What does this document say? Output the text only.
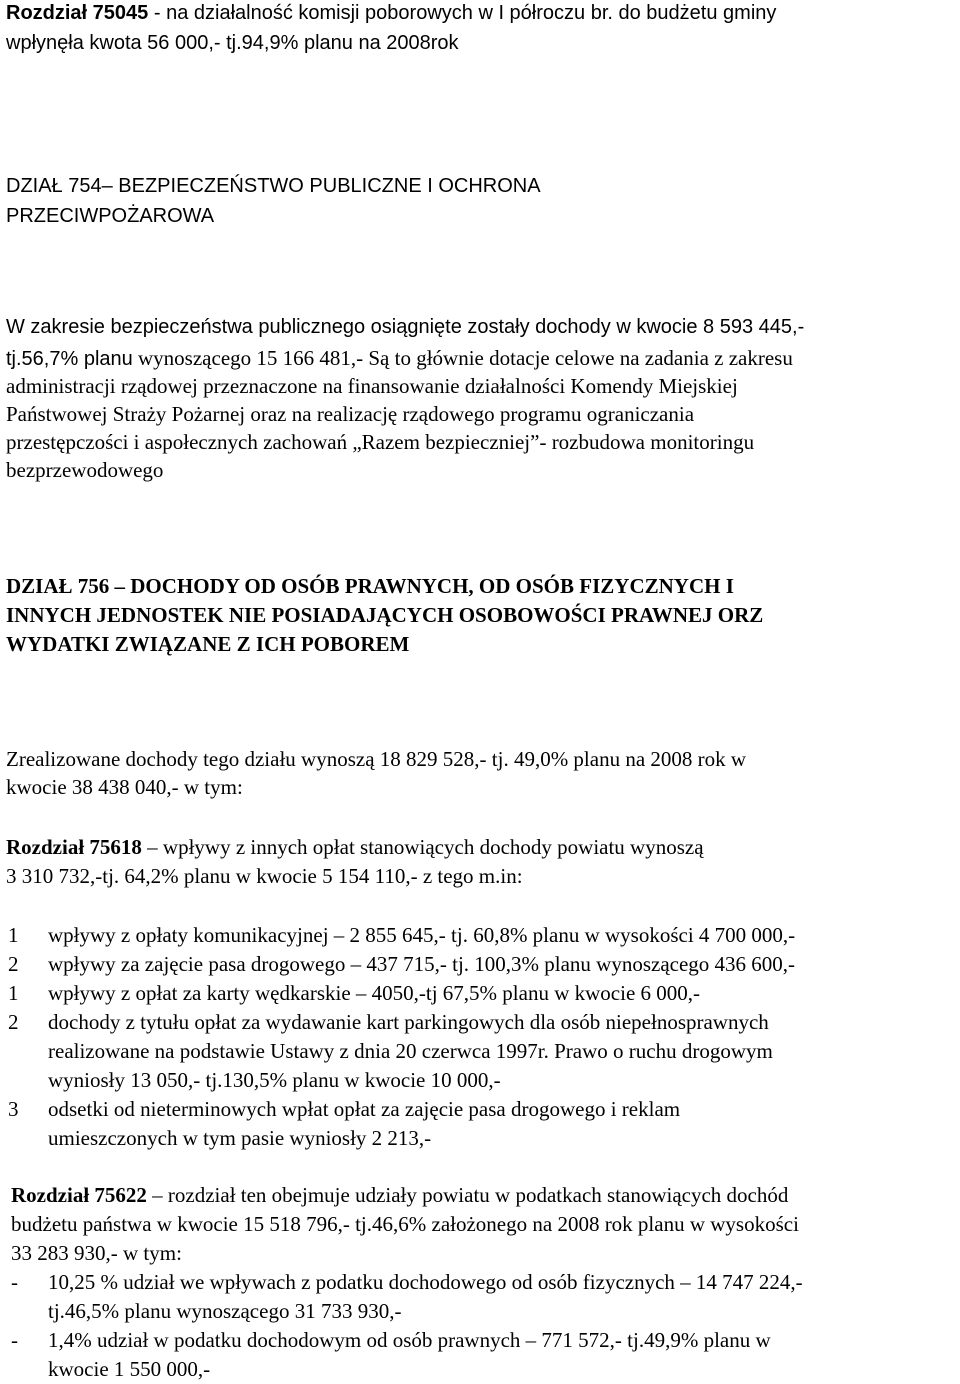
Rozdział 75045 - na działalność komisji poborowych w I półroczu br. do budżetu gminy
wpłynęła kwota 56 000,- tj.94,9% planu na 2008rok
DZIAŁ 754– BEZPIECZEŃSTWO PUBLICZNE I OCHRONA
PRZECIWPOŻAROWA
W zakresie bezpieczeństwa publicznego osiągnięte zostały dochody w kwocie 8 593 445,-
tj.56,7% planu wynoszącego 15 166 481,- Są to głównie dotacje celowe na zadania z zakresu
administracji rządowej przeznaczone na finansowanie działalności Komendy Miejskiej
Państwowej Straży Pożarnej oraz na realizację rządowego programu ograniczania
przestępczości i aspołecznych zachowań „Razem bezpieczniej”- rozbudowa monitoringu
bezprzewodowego
DZIAŁ 756 – DOCHODY OD OSÓB PRAWNYCH, OD OSÓB FIZYCZNYCH I
INNYCH JEDNOSTEK NIE POSIADAJĄCYCH OSOBOWOŚCI PRAWNEJ ORZ
WYDATKI ZWIĄZANE Z ICH POBOREM
Zrealizowane dochody tego działu wynoszą 18 829 528,- tj. 49,0% planu na 2008 rok w
kwocie 38 438 040,- w tym:
Rozdział 75618 – wpływy z innych opłat stanowiących dochody powiatu wynoszą
3 310 732,-tj. 64,2% planu w kwocie 5 154 110,- z tego m.in:
1 wpływy z opłaty komunikacyjnej – 2 855 645,- tj. 60,8% planu w wysokości 4 700 000,-
2 wpływy za zajęcie pasa drogowego – 437 715,- tj. 100,3% planu wynoszącego 436 600,-
1 wpływy z opłat za karty wędkarskie – 4050,-tj 67,5% planu w kwocie 6 000,-
2 dochody z tytułu opłat za wydawanie kart parkingowych dla osób niepełnosprawnych
realizowane na podstawie Ustawy z dnia 20 czerwca 1997r. Prawo o ruchu drogowym
wyniosły 13 050,- tj.130,5% planu w kwocie 10 000,-
3 odsetki od nieterminowych wpłat opłat za zajęcie pasa drogowego i reklam
umieszczonych w tym pasie wyniosły 2 213,-
Rozdział 75622 – rozdział ten obejmuje udziały powiatu w podatkach stanowiących dochód
budżetu państwa w kwocie 15 518 796,- tj.46,6% założonego na 2008 rok planu w wysokości
33 283 930,- w tym:
- 10,25 % udział we wpływach z podatku dochodowego od osób fizycznych – 14 747 224,-
tj.46,5% planu wynoszącego 31 733 930,-
- 1,4% udział w podatku dochodowym od osób prawnych – 771 572,- tj.49,9% planu w
kwocie 1 550 000,-
